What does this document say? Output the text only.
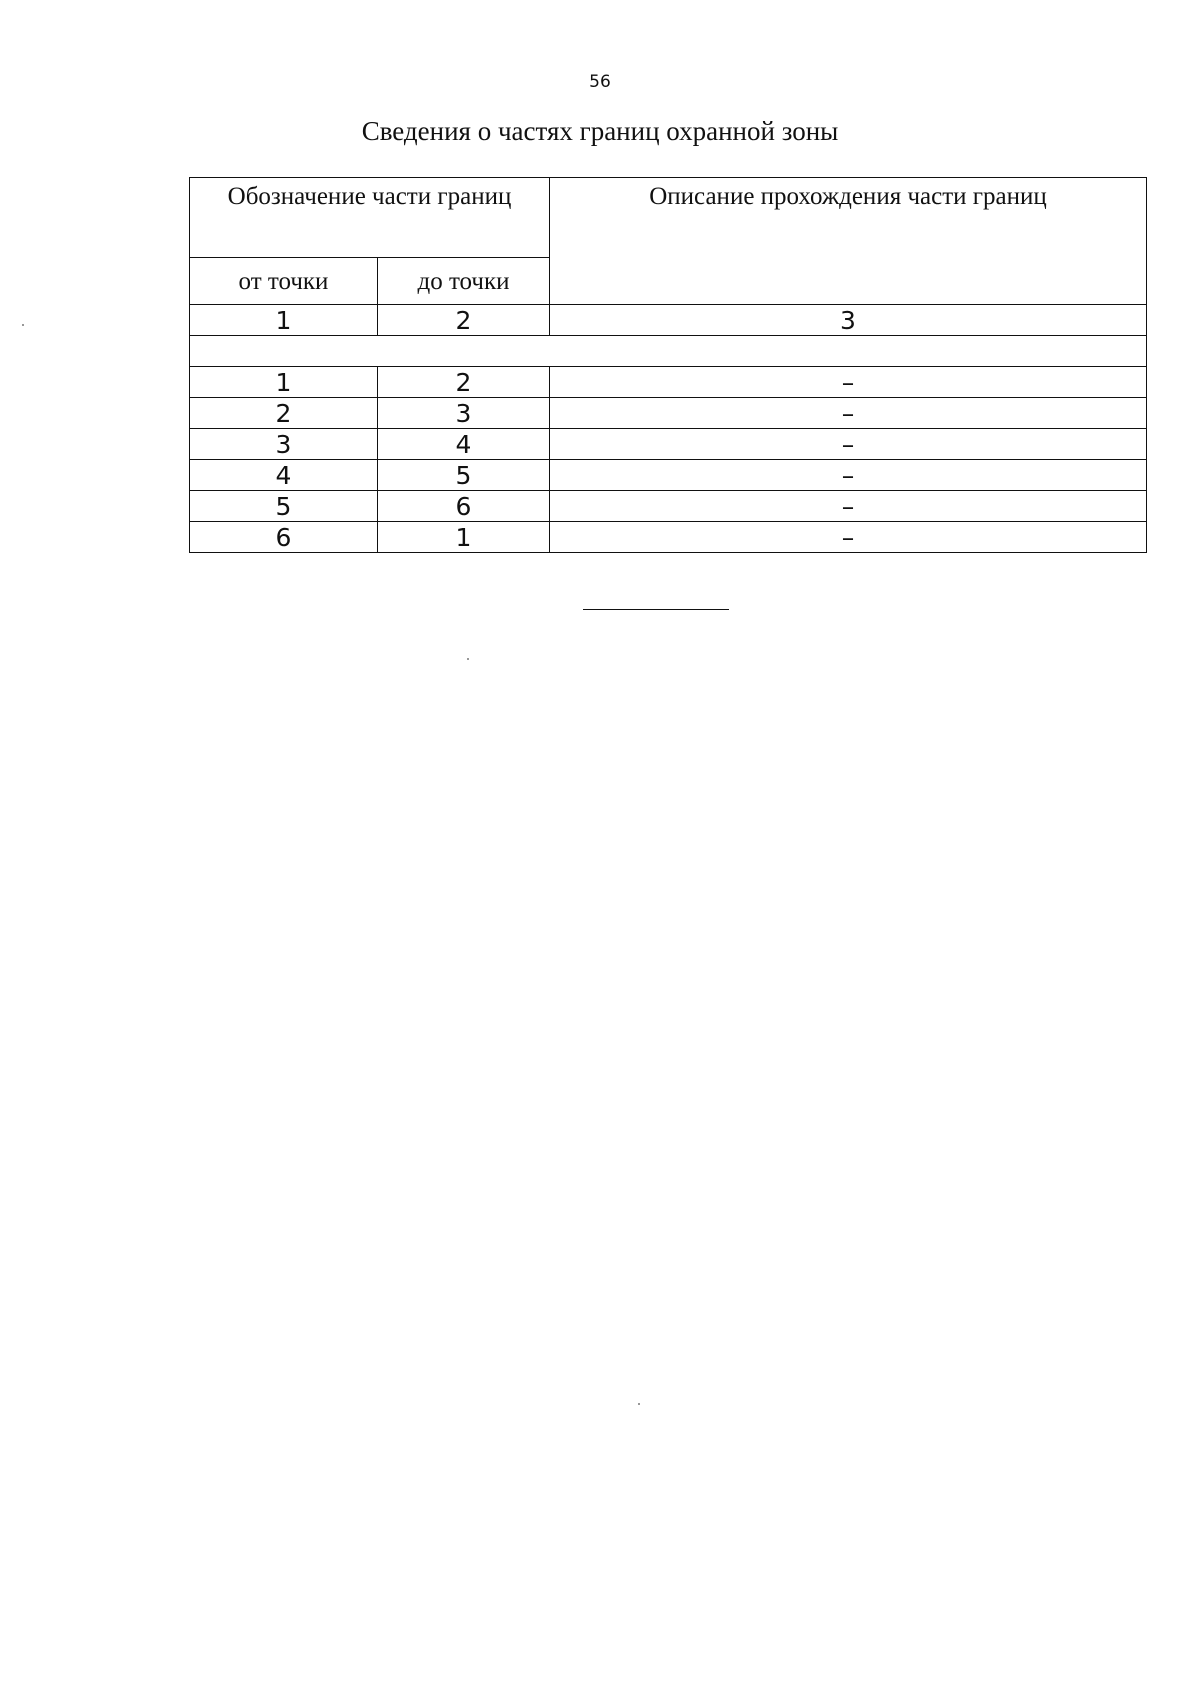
56
Сведения о частях границ охранной зоны
Обозначение части границ		Описание прохождения части границ
от точки	до точки	
1	2	3

1	2	–
2	3	–
3	4	–
4	5	–
5	6	–
6	1	–
